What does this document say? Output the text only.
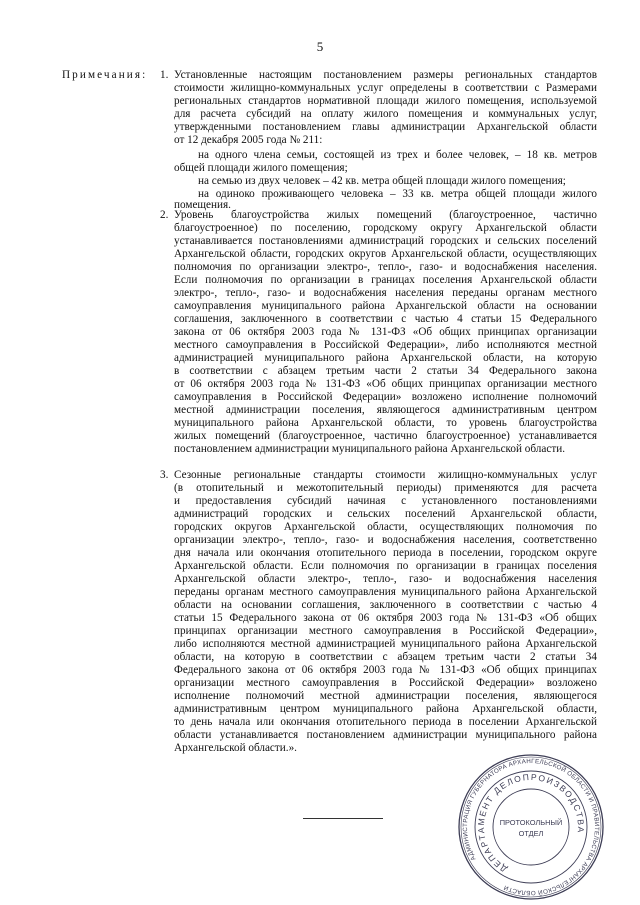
5
Примечания: 1. Установленные настоящим постановлением размеры региональных стандартов
стоимости жилищно-коммунальных услуг определены в соответствии с Размерами
региональных стандартов нормативной площади жилого помещения, используемой
для расчета субсидий на оплату жилого помещения и коммунальных услуг,
утвержденными постановлением главы администрации Архангельской области
от 12 декабря 2005 года № 211:
на одного члена семьи, состоящей из трех и более человек, – 18 кв. метров
общей площади жилого помещения;
на семью из двух человек – 42 кв. метра общей площади жилого помещения;
на одиноко проживающего человека – 33 кв. метра общей площади жилого
помещения.
2. Уровень благоустройства жилых помещений (благоустроенное, частично
благоустроенное) по поселению, городскому округу Архангельской области
устанавливается постановлениями администраций городских и сельских поселений
Архангельской области, городских округов Архангельской области, осуществляющих
полномочия по организации электро-, тепло-, газо- и водоснабжения населения.
Если полномочия по организации в границах поселения Архангельской области
электро-, тепло-, газо- и водоснабжения населения переданы органам местного
самоуправления муниципального района Архангельской области на основании
соглашения, заключенного в соответствии с частью 4 статьи 15 Федерального
закона от 06 октября 2003 года № 131-ФЗ «Об общих принципах организации
местного самоуправления в Российской Федерации», либо исполняются местной
администрацией муниципального района Архангельской области, на которую
в соответствии с абзацем третьим части 2 статьи 34 Федерального закона
от 06 октября 2003 года № 131-ФЗ «Об общих принципах организации местного
самоуправления в Российской Федерации» возложено исполнение полномочий
местной администрации поселения, являющегося административным центром
муниципального района Архангельской области, то уровень благоустройства
жилых помещений (благоустроенное, частично благоустроенное) устанавливается
постановлением администрации муниципального района Архангельской области.
3. Сезонные региональные стандарты стоимости жилищно-коммунальных услуг
(в отопительный и межотопительный периоды) применяются для расчета
и предоставления субсидий начиная с установленного постановлениями
администраций городских и сельских поселений Архангельской области,
городских округов Архангельской области, осуществляющих полномочия по
организации электро-, тепло-, газо- и водоснабжения населения, соответственно
дня начала или окончания отопительного периода в поселении, городском округе
Архангельской области. Если полномочия по организации в границах поселения
Архангельской области электро-, тепло-, газо- и водоснабжения населения
переданы органам местного самоуправления муниципального района Архангельской
области на основании соглашения, заключенного в соответствии с частью 4
статьи 15 Федерального закона от 06 октября 2003 года № 131-ФЗ «Об общих
принципах организации местного самоуправления в Российской Федерации»,
либо исполняются местной администрацией муниципального района Архангельской
области, на которую в соответствии с абзацем третьим части 2 статьи 34
Федерального закона от 06 октября 2003 года № 131-ФЗ «Об общих принципах
организации местного самоуправления в Российской Федерации» возложено
исполнение полномочий местной администрации поселения, являющегося
административным центром муниципального района Архангельской области,
то день начала или окончания отопительного периода в поселении Архангельской
области устанавливается постановлением администрации муниципального района
Архангельской области.».
АДМИНИСТРАЦИЯ ГУБЕРНАТОРА АРХАНГЕЛЬСКОЙ ОБЛАСТИ И ПРАВИТЕЛЬСТВА АРХАНГЕЛЬСКОЙ ОБЛАСТИ
ДЕПАРТАМЕНТ ДЕЛОПРОИЗВОДСТВА
ПРОТОКОЛЬНЫЙ
ОТДЕЛ
